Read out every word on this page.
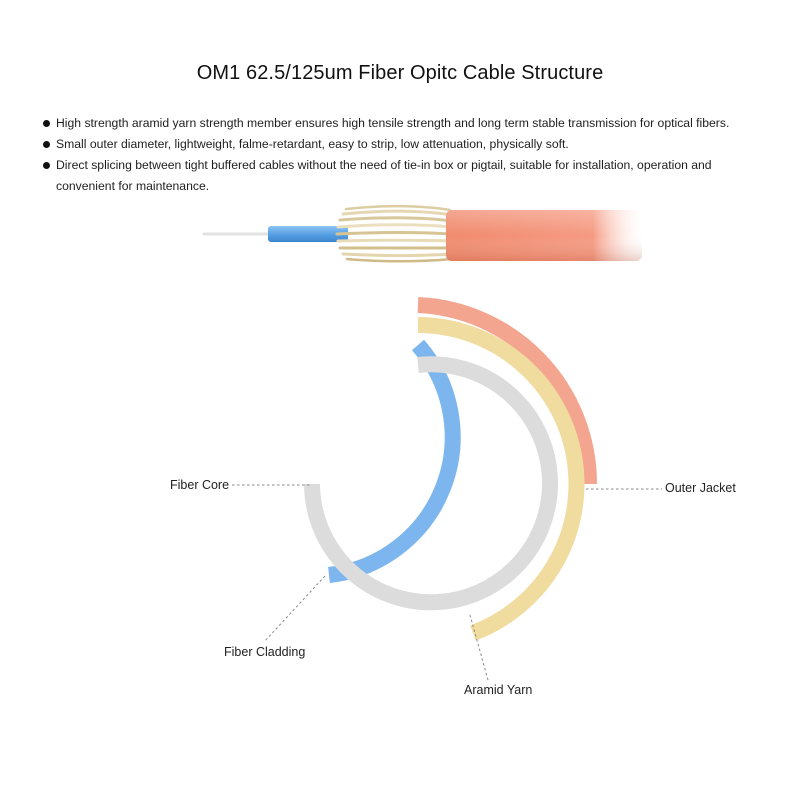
OM1 62.5/125um Fiber Opitc Cable Structure
High strength aramid yarn strength member ensures high tensile strength and long term stable transmission for optical fibers.
Small outer diameter, lightweight, falme-retardant, easy to strip, low attenuation, physically soft.
Direct splicing between tight buffered cables without the need of tie-in box or pigtail, suitable for installation, operation and convenient for maintenance.
Fiber Core	Outer Jacket
Fiber Cladding
Aramid Yarn
